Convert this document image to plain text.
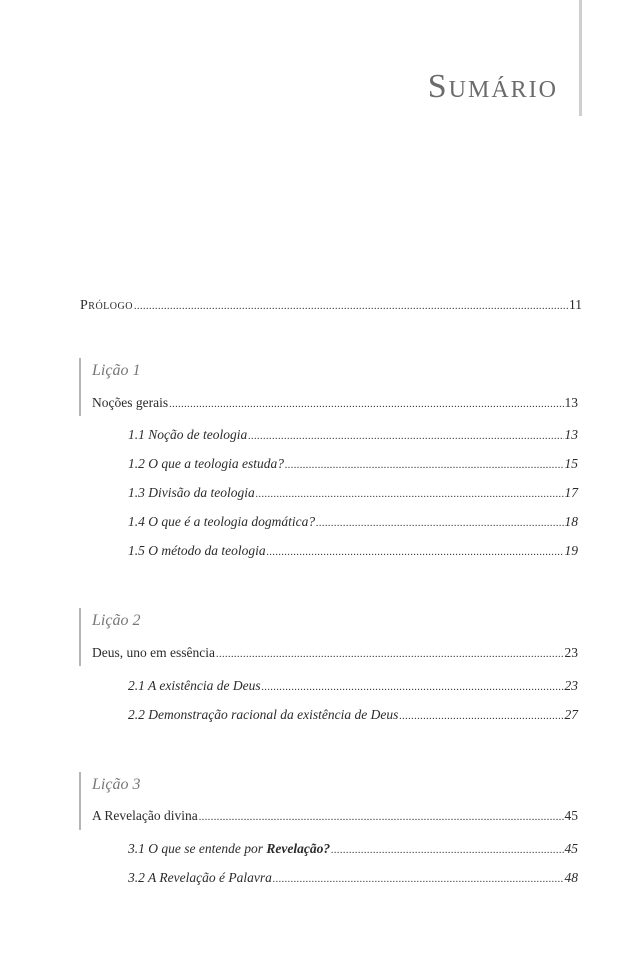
Sumário
Prólogo .....	11
Lição 1
Noções gerais .....	13
1.1 Noção de teologia .....	13
1.2 O que a teologia estuda? .....	15
1.3 Divisão da teologia .....	17
1.4 O que é a teologia dogmática? .....	18
1.5 O método da teologia .....	19
Lição 2
Deus, uno em essência .....	23
2.1 A existência de Deus .....	23
2.2 Demonstração racional da existência de Deus .....	27
Lição 3
A Revelação divina .....	45
3.1 O que se entende por Revelação? .....	45
3.2 A Revelação é Palavra .....	48
